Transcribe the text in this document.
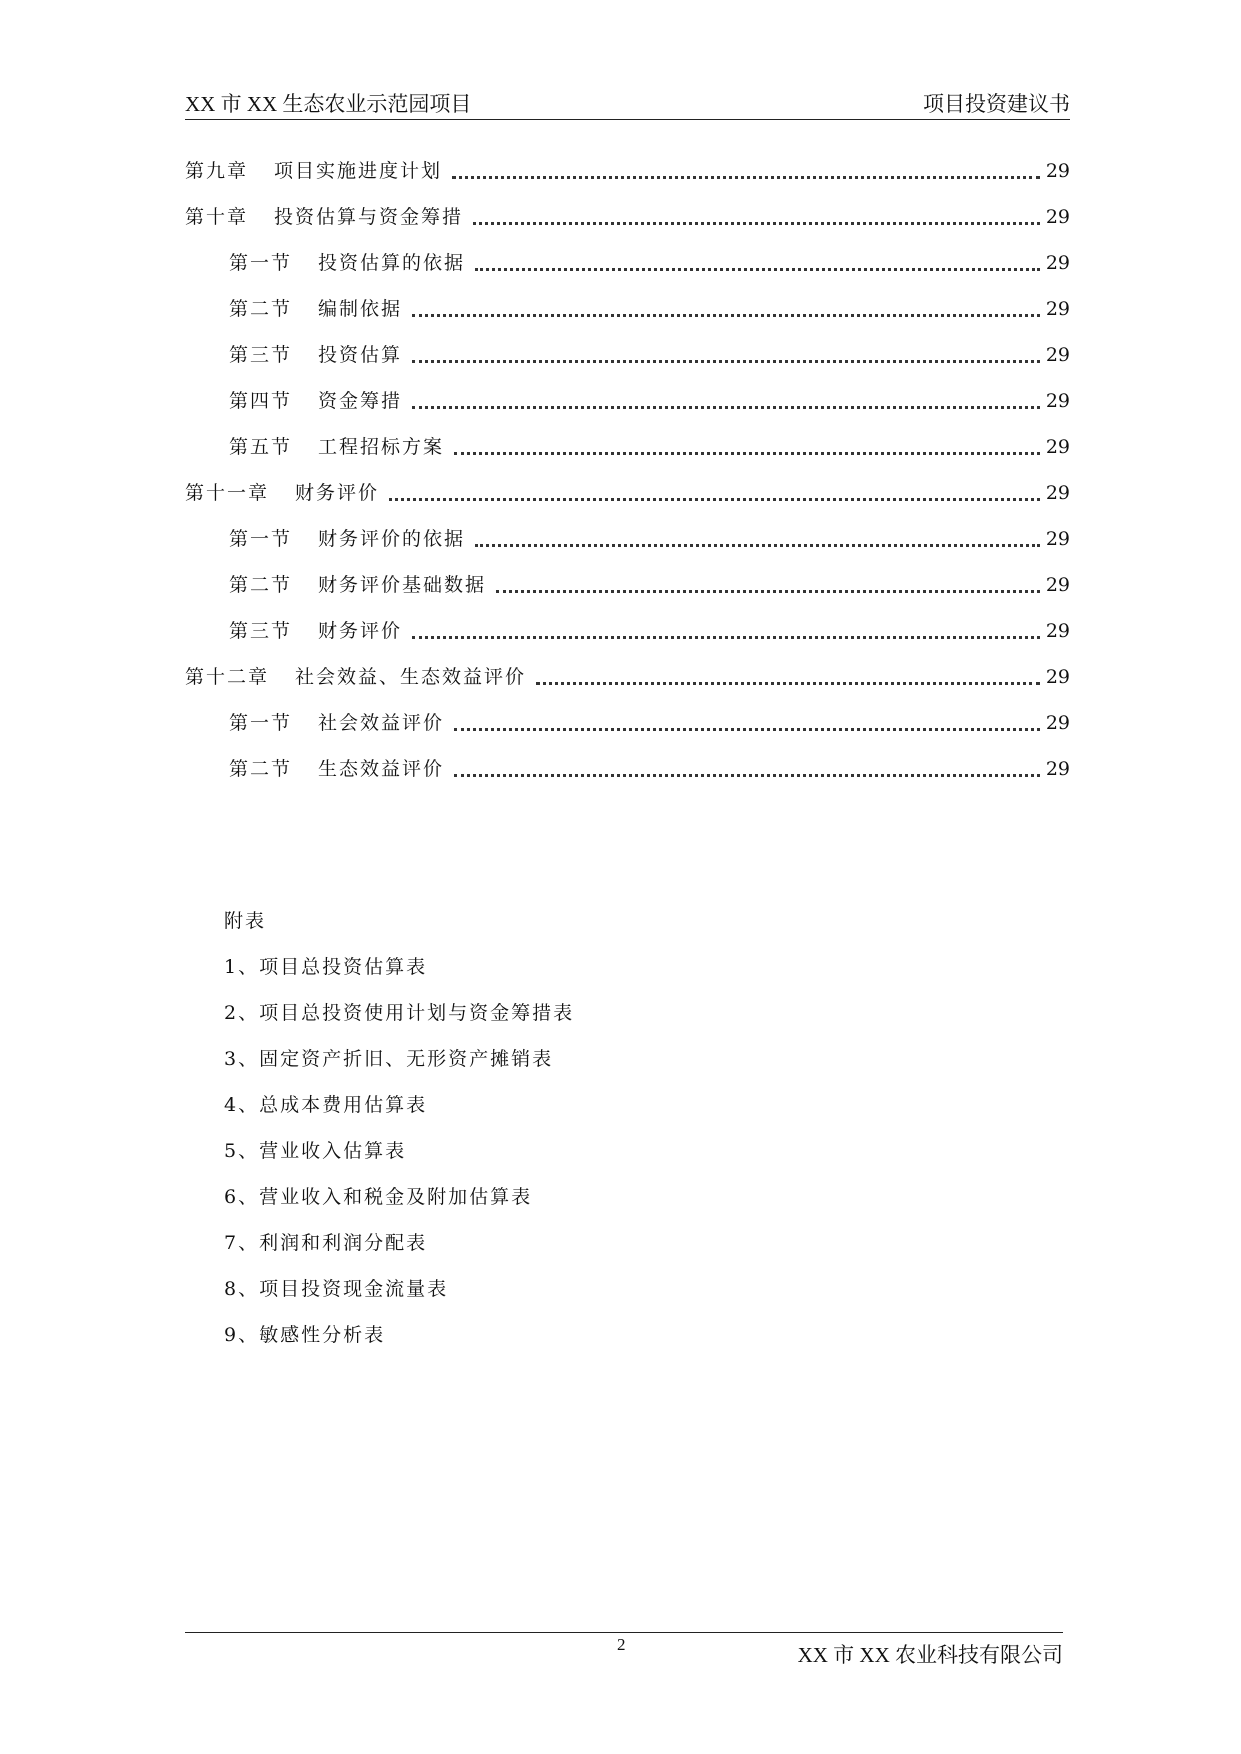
XX 市 XX 生态农业示范园项目	项目投资建议书
第九章 项目实施进度计划	29
第十章 投资估算与资金筹措	29
第一节 投资估算的依据	29
第二节 编制依据	29
第三节 投资估算	29
第四节 资金筹措	29
第五节 工程招标方案	29
第十一章 财务评价	29
第一节 财务评价的依据	29
第二节 财务评价基础数据	29
第三节 财务评价	29
第十二章 社会效益、生态效益评价	29
第一节 社会效益评价	29
第二节 生态效益评价	29
附表
1、项目总投资估算表
2、项目总投资使用计划与资金筹措表
3、固定资产折旧、无形资产摊销表
4、总成本费用估算表
5、营业收入估算表
6、营业收入和税金及附加估算表
7、利润和利润分配表
8、项目投资现金流量表
9、敏感性分析表
2	XX 市 XX 农业科技有限公司
